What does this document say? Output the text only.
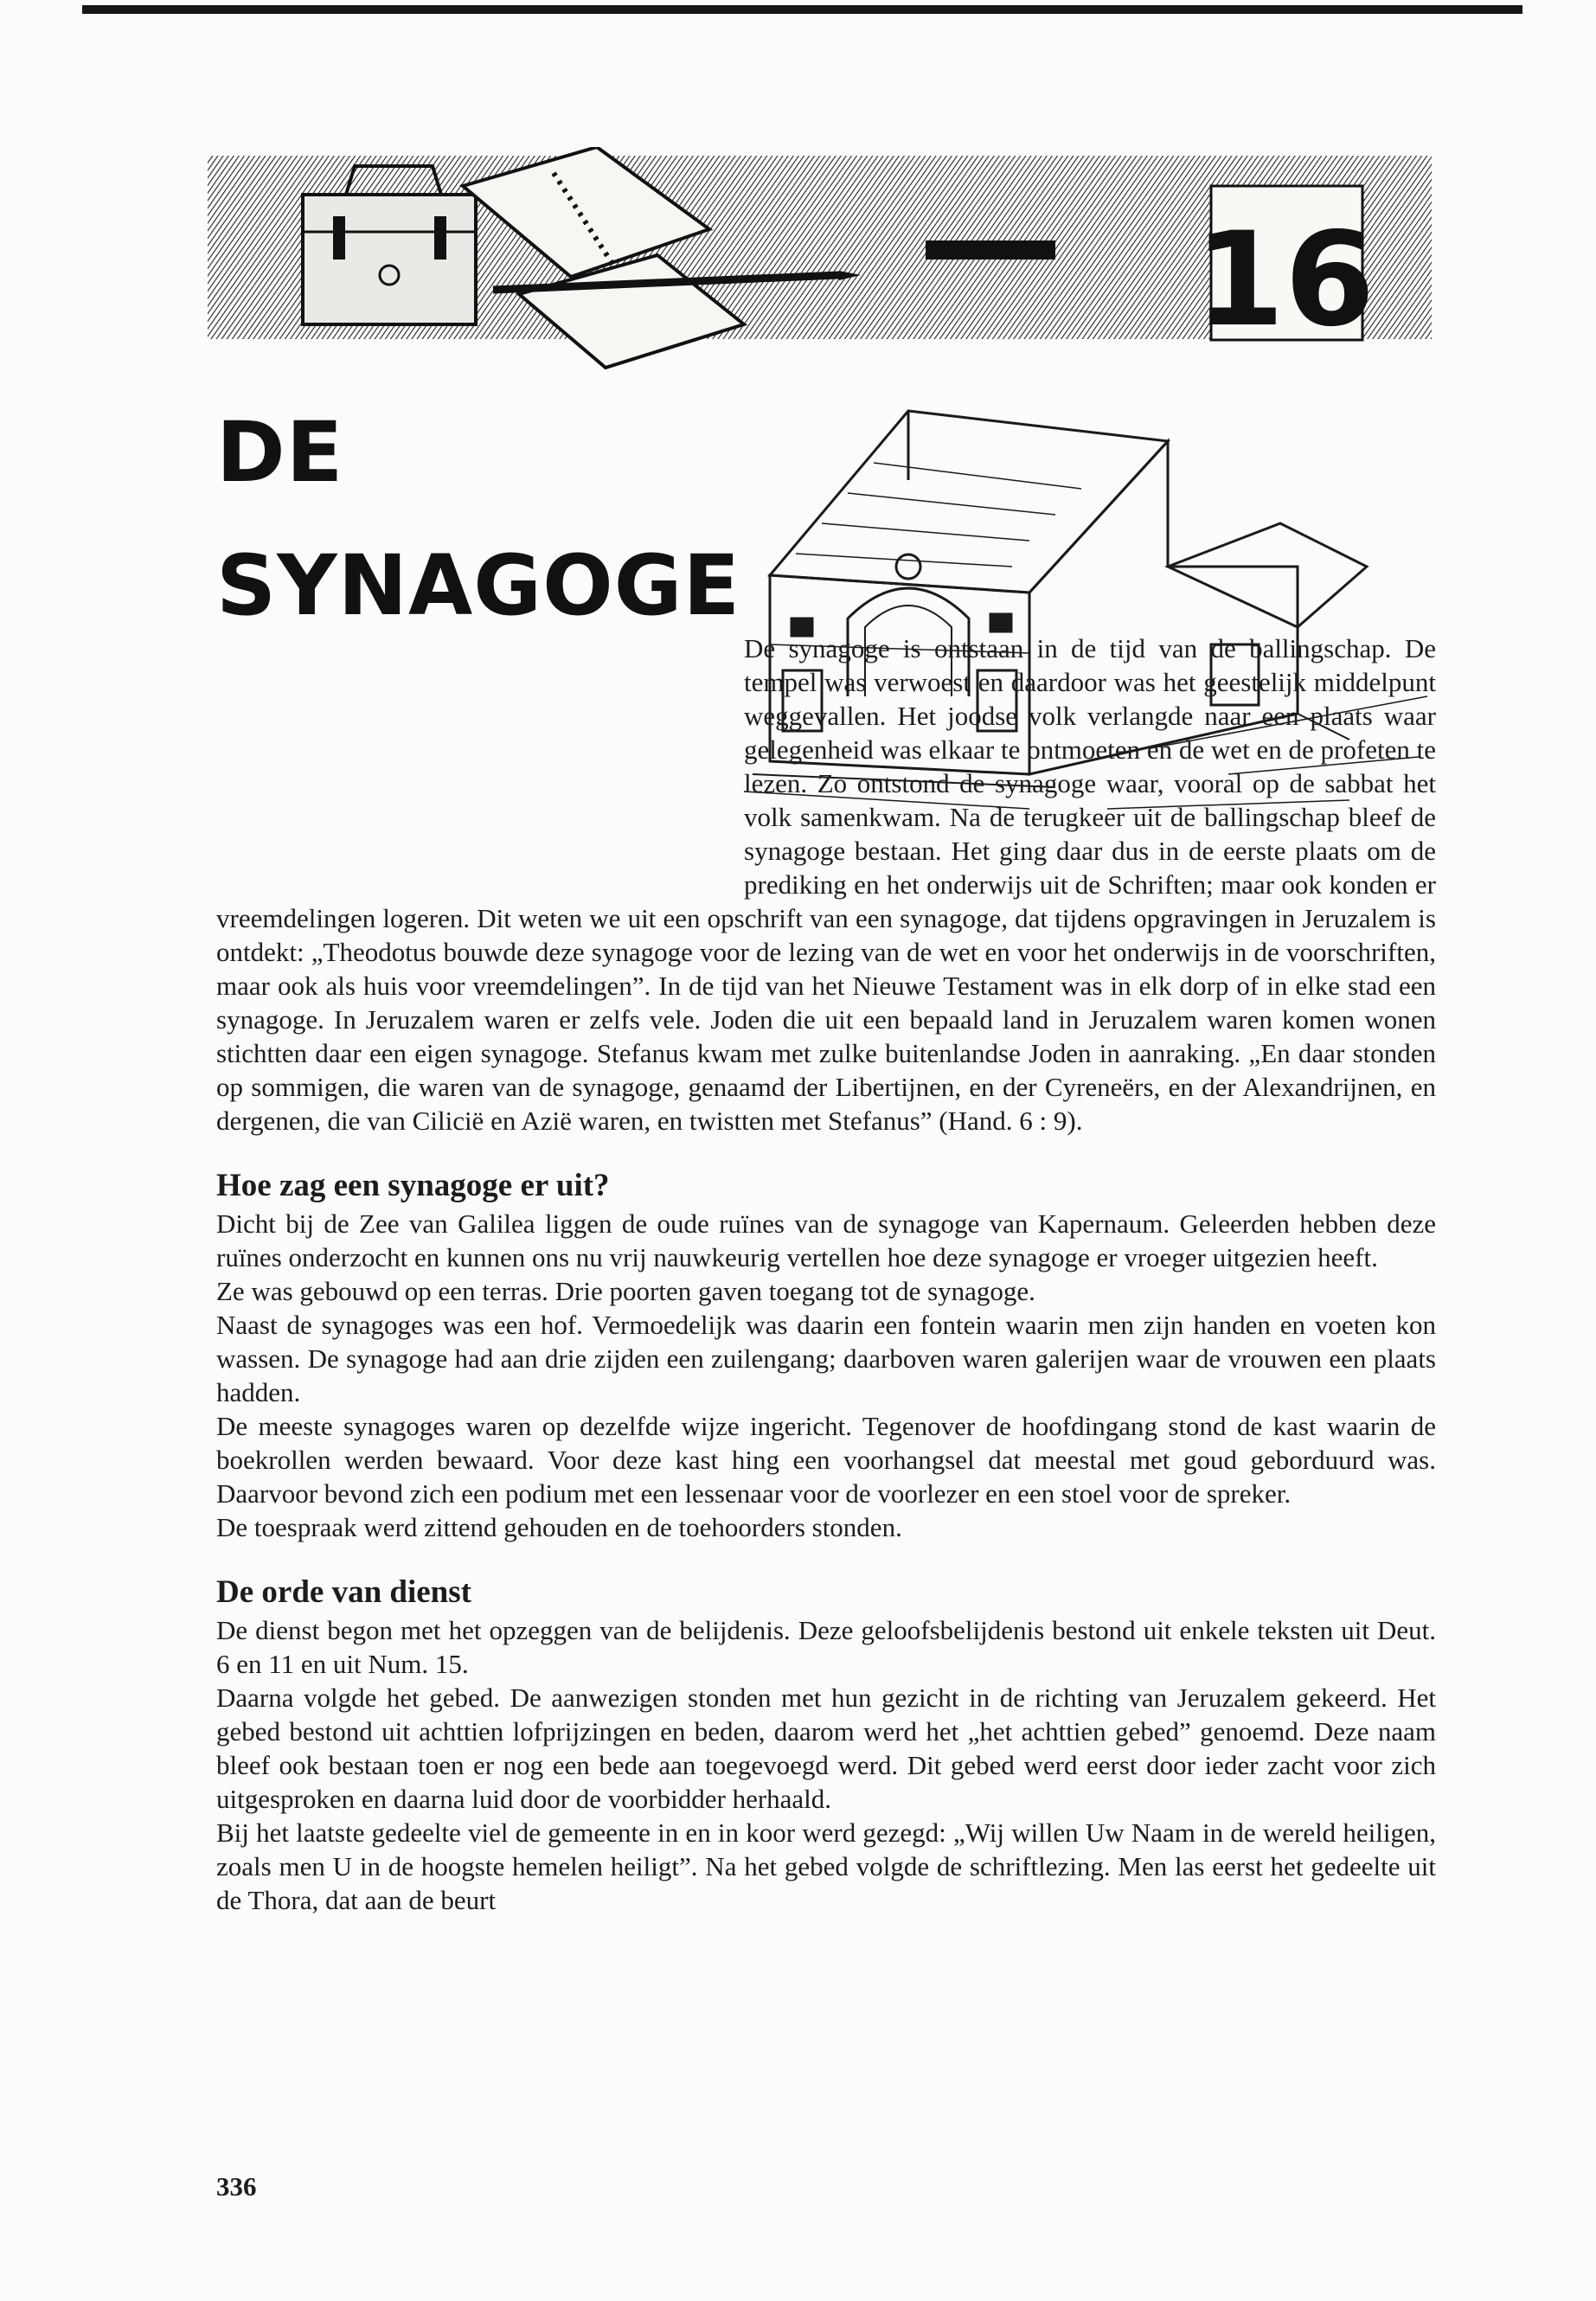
16
DE
SYNAGOGE

De synagoge is ontstaan in de tijd van de ballingschap. De tempel was verwoest en daardoor was het geestelijk middelpunt weggevallen. Het joodse volk verlangde naar een plaats waar gelegenheid was elkaar te ontmoeten en de wet en de profeten te lezen. Zo ontstond de synagoge waar, vooral op de sabbat het volk samenkwam. Na de terugkeer uit de ballingschap bleef de synagoge bestaan. Het ging daar dus in de eerste plaats om de prediking en het onderwijs uit de Schriften; maar ook konden er vreemdelingen logeren. Dit weten we uit een opschrift van een synagoge, dat tijdens opgravingen in Jeruzalem is ontdekt: „Theodotus bouwde deze synagoge voor de lezing van de wet en voor het onderwijs in de voorschriften, maar ook als huis voor vreemdelingen”. In de tijd van het Nieuwe Testament was in elk dorp of in elke stad een synagoge. In Jeruzalem waren er zelfs vele. Joden die uit een bepaald land in Jeruzalem waren komen wonen stichtten daar een eigen synagoge. Stefanus kwam met zulke buitenlandse Joden in aanraking. „En daar stonden op sommigen, die waren van de synagoge, genaamd der Libertijnen, en der Cyreneërs, en der Alexandrijnen, en dergenen, die van Cilicië en Azië waren, en twistten met Stefanus” (Hand. 6 : 9).

Hoe zag een synagoge er uit?

Dicht bij de Zee van Galilea liggen de oude ruïnes van de synagoge van Kapernaum. Geleerden hebben deze ruïnes onderzocht en kunnen ons nu vrij nauwkeurig vertellen hoe deze synagoge er vroeger uitgezien heeft.

Ze was gebouwd op een terras. Drie poorten gaven toegang tot de synagoge.

Naast de synagoges was een hof. Vermoedelijk was daarin een fontein waarin men zijn handen en voeten kon wassen. De synagoge had aan drie zijden een zuilengang; daarboven waren galerijen waar de vrouwen een plaats hadden.

De meeste synagoges waren op dezelfde wijze ingericht. Tegenover de hoofdingang stond de kast waarin de boekrollen werden bewaard. Voor deze kast hing een voorhangsel dat meestal met goud geborduurd was. Daarvoor bevond zich een podium met een lessenaar voor de voorlezer en een stoel voor de spreker.

De toespraak werd zittend gehouden en de toehoorders stonden.

De orde van dienst

De dienst begon met het opzeggen van de belijdenis. Deze geloofsbelijdenis bestond uit enkele teksten uit Deut. 6 en 11 en uit Num. 15.

Daarna volgde het gebed. De aanwezigen stonden met hun gezicht in de richting van Jeruzalem gekeerd. Het gebed bestond uit achttien lofprijzingen en beden, daarom werd het „het achttien gebed” genoemd. Deze naam bleef ook bestaan toen er nog een bede aan toegevoegd werd. Dit gebed werd eerst door ieder zacht voor zich uitgesproken en daarna luid door de voorbidder herhaald.

Bij het laatste gedeelte viel de gemeente in en in koor werd gezegd: „Wij willen Uw Naam in de wereld heiligen, zoals men U in de hoogste hemelen heiligt”. Na het gebed volgde de schriftlezing. Men las eerst het gedeelte uit de Thora, dat aan de beurt

336
